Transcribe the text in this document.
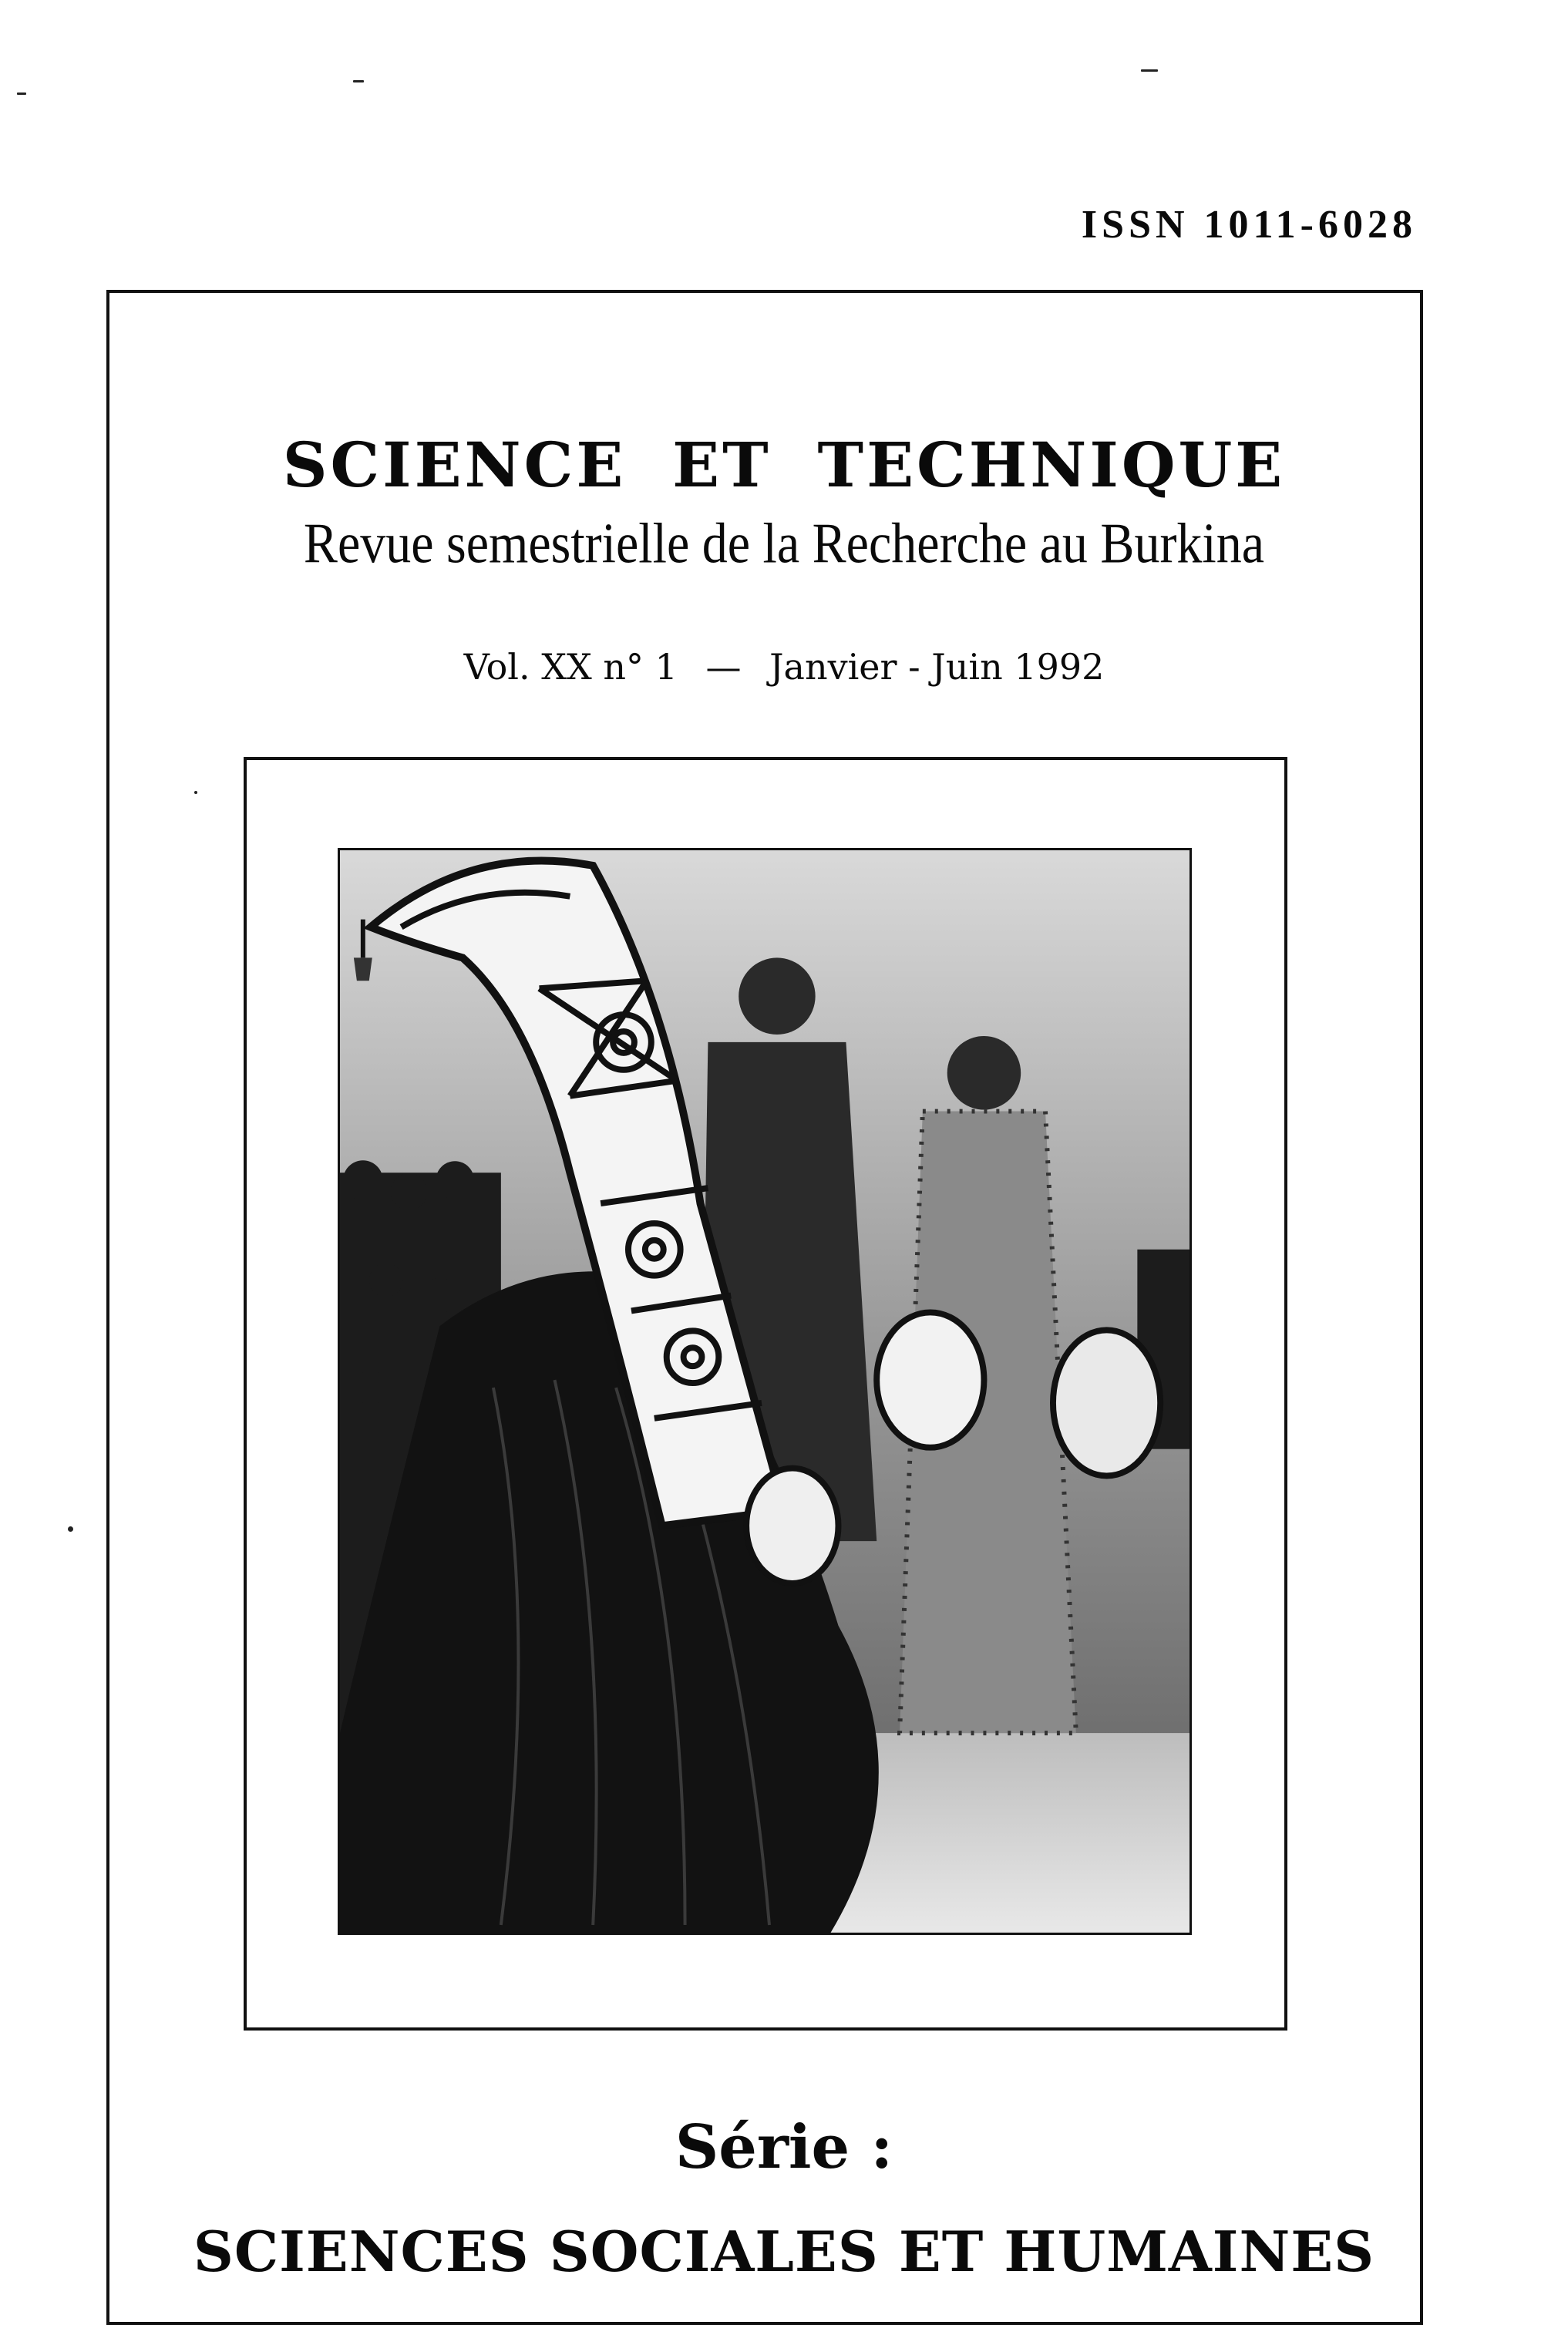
ISSN 1011-6028
SCIENCE ET TECHNIQUE
Revue semestrielle de la Recherche au Burkina
Vol. XX n° 1 — Janvier - Juin 1992
Série :
SCIENCES SOCIALES ET HUMAINES
